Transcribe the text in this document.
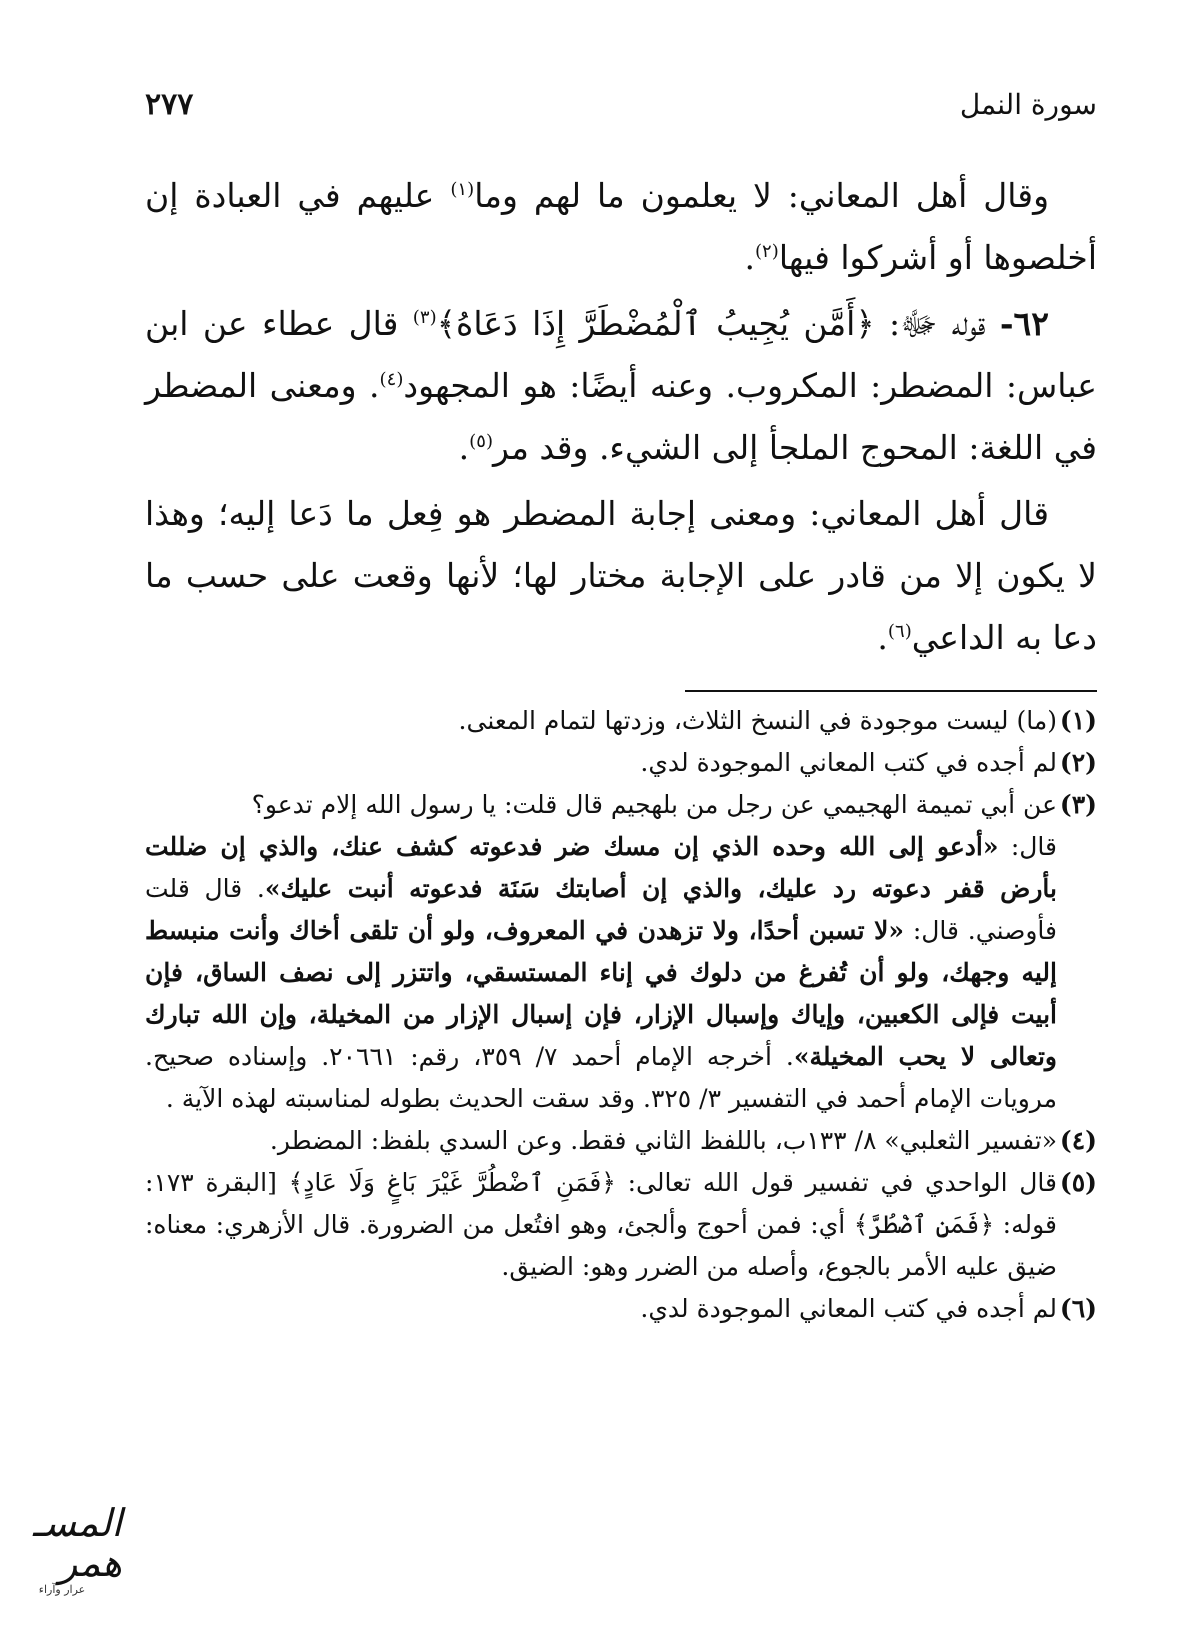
سورة النمل
٢٧٧

وقال أهل المعاني: لا يعلمون ما لهم وما$^{(١)}$ عليهم في العبادة إن أخلصوها أو أشركوا فيها$^{(٢)}$.

٦٢- قوله ﷻ: ﴿أَمَّن يُجِيبُ ٱلْمُضْطَرَّ إِذَا دَعَاهُ﴾$^{(٣)}$ قال عطاء عن ابن عباس: المضطر: المكروب. وعنه أيضًا: هو المجهود$^{(٤)}$. ومعنى المضطر في اللغة: المحوج الملجأ إلى الشيء. وقد مر$^{(٥)}$.

قال أهل المعاني: ومعنى إجابة المضطر هو فِعل ما دَعا إليه؛ وهذا لا يكون إلا من قادر على الإجابة مختار لها؛ لأنها وقعت على حسب ما دعا به الداعي$^{(٦)}$.

(١)
(ما) ليست موجودة في النسخ الثلاث، وزدتها لتمام المعنى.
(٢)
لم أجده في كتب المعاني الموجودة لدي.
(٣)
عن أبي تميمة الهجيمي عن رجل من بلهجيم قال قلت: يا رسول الله إلام تدعو؟
قال: «أدعو إلى الله وحده الذي إن مسك ضر فدعوته كشف عنك، والذي إن ضللت بأرض قفر دعوته رد عليك، والذي إن أصابتك سَنَة فدعوته أنبت عليك». قال قلت فأوصني. قال: «لا تسبن أحدًا، ولا تزهدن في المعروف، ولو أن تلقى أخاك وأنت منبسط إليه وجهك، ولو أن تُفرغ من دلوك في إناء المستسقي، واتتزر إلى نصف الساق، فإن أبيت فإلى الكعبين، وإياك وإسبال الإزار، فإن إسبال الإزار من المخيلة، وإن الله تبارك وتعالى لا يحب المخيلة». أخرجه الإمام أحمد ٧/ ٣٥٩، رقم: ٢٠٦٦١. وإسناده صحيح. مرويات الإمام أحمد في التفسير ٣/ ٣٢٥. وقد سقت الحديث بطوله لمناسبته لهذه الآية .
(٤)
«تفسير الثعلبي» ٨/ ١٣٣ب، باللفظ الثاني فقط. وعن السدي بلفظ: المضطر.
(٥)
قال الواحدي في تفسير قول الله تعالى: ﴿فَمَنِ ٱضْطُرَّ غَيْرَ بَاغٍ وَلَا عَادٍ﴾ [البقرة ١٧٣: قوله: ﴿فَمَنِ ٱضْطُرَّ﴾ أي: فمن أحوج وألجئ، وهو افتُعل من الضرورة. قال الأزهري: معناه: ضيق عليه الأمر بالجوع، وأصله من الضرر وهو: الضيق.
(٦)
لم أجده في كتب المعاني الموجودة لدي.
المسـ همر
عرار وآراء
